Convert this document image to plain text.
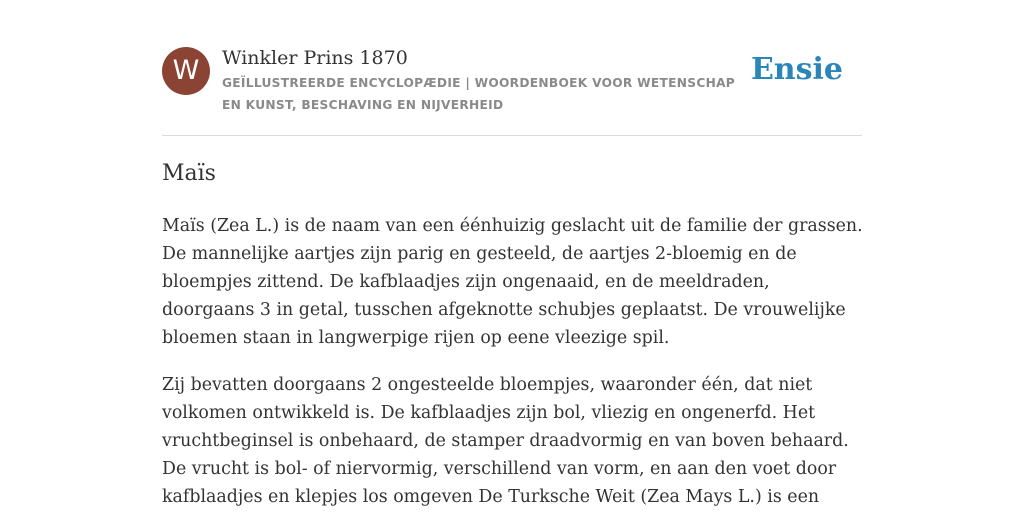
W	Winkler Prins 1870
GEÏLLUSTREERDE ENCYCLOPÆDIE | WOORDENBOEK VOOR WETENSCHAP EN KUNST, BESCHAVING EN NIJVERHEID
Ensie
Maïs

Maïs (Zea L.) is de naam van een éénhuizig geslacht uit de familie der grassen. De mannelijke aartjes zijn parig en gesteeld, de aartjes 2-bloemig en de bloempjes zittend. De kafblaadjes zijn ongenaaid, en de meeldraden, doorgaans 3 in getal, tusschen afgeknotte schubjes geplaatst. De vrouwelijke bloemen staan in langwerpige rijen op eene vleezige spil.

Zij bevatten doorgaans 2 ongesteelde bloempjes, waaronder één, dat niet volkomen ontwikkeld is. De kafblaadjes zijn bol, vliezig en ongenerfd. Het vruchtbeginsel is onbehaard, de stamper draadvormig en van boven behaard. De vrucht is bol- of niervormig, verschillend van vorm, en aan den voet door kafblaadjes en klepjes los omgeven De Turksche Weit (Zea Mays L.) is een
